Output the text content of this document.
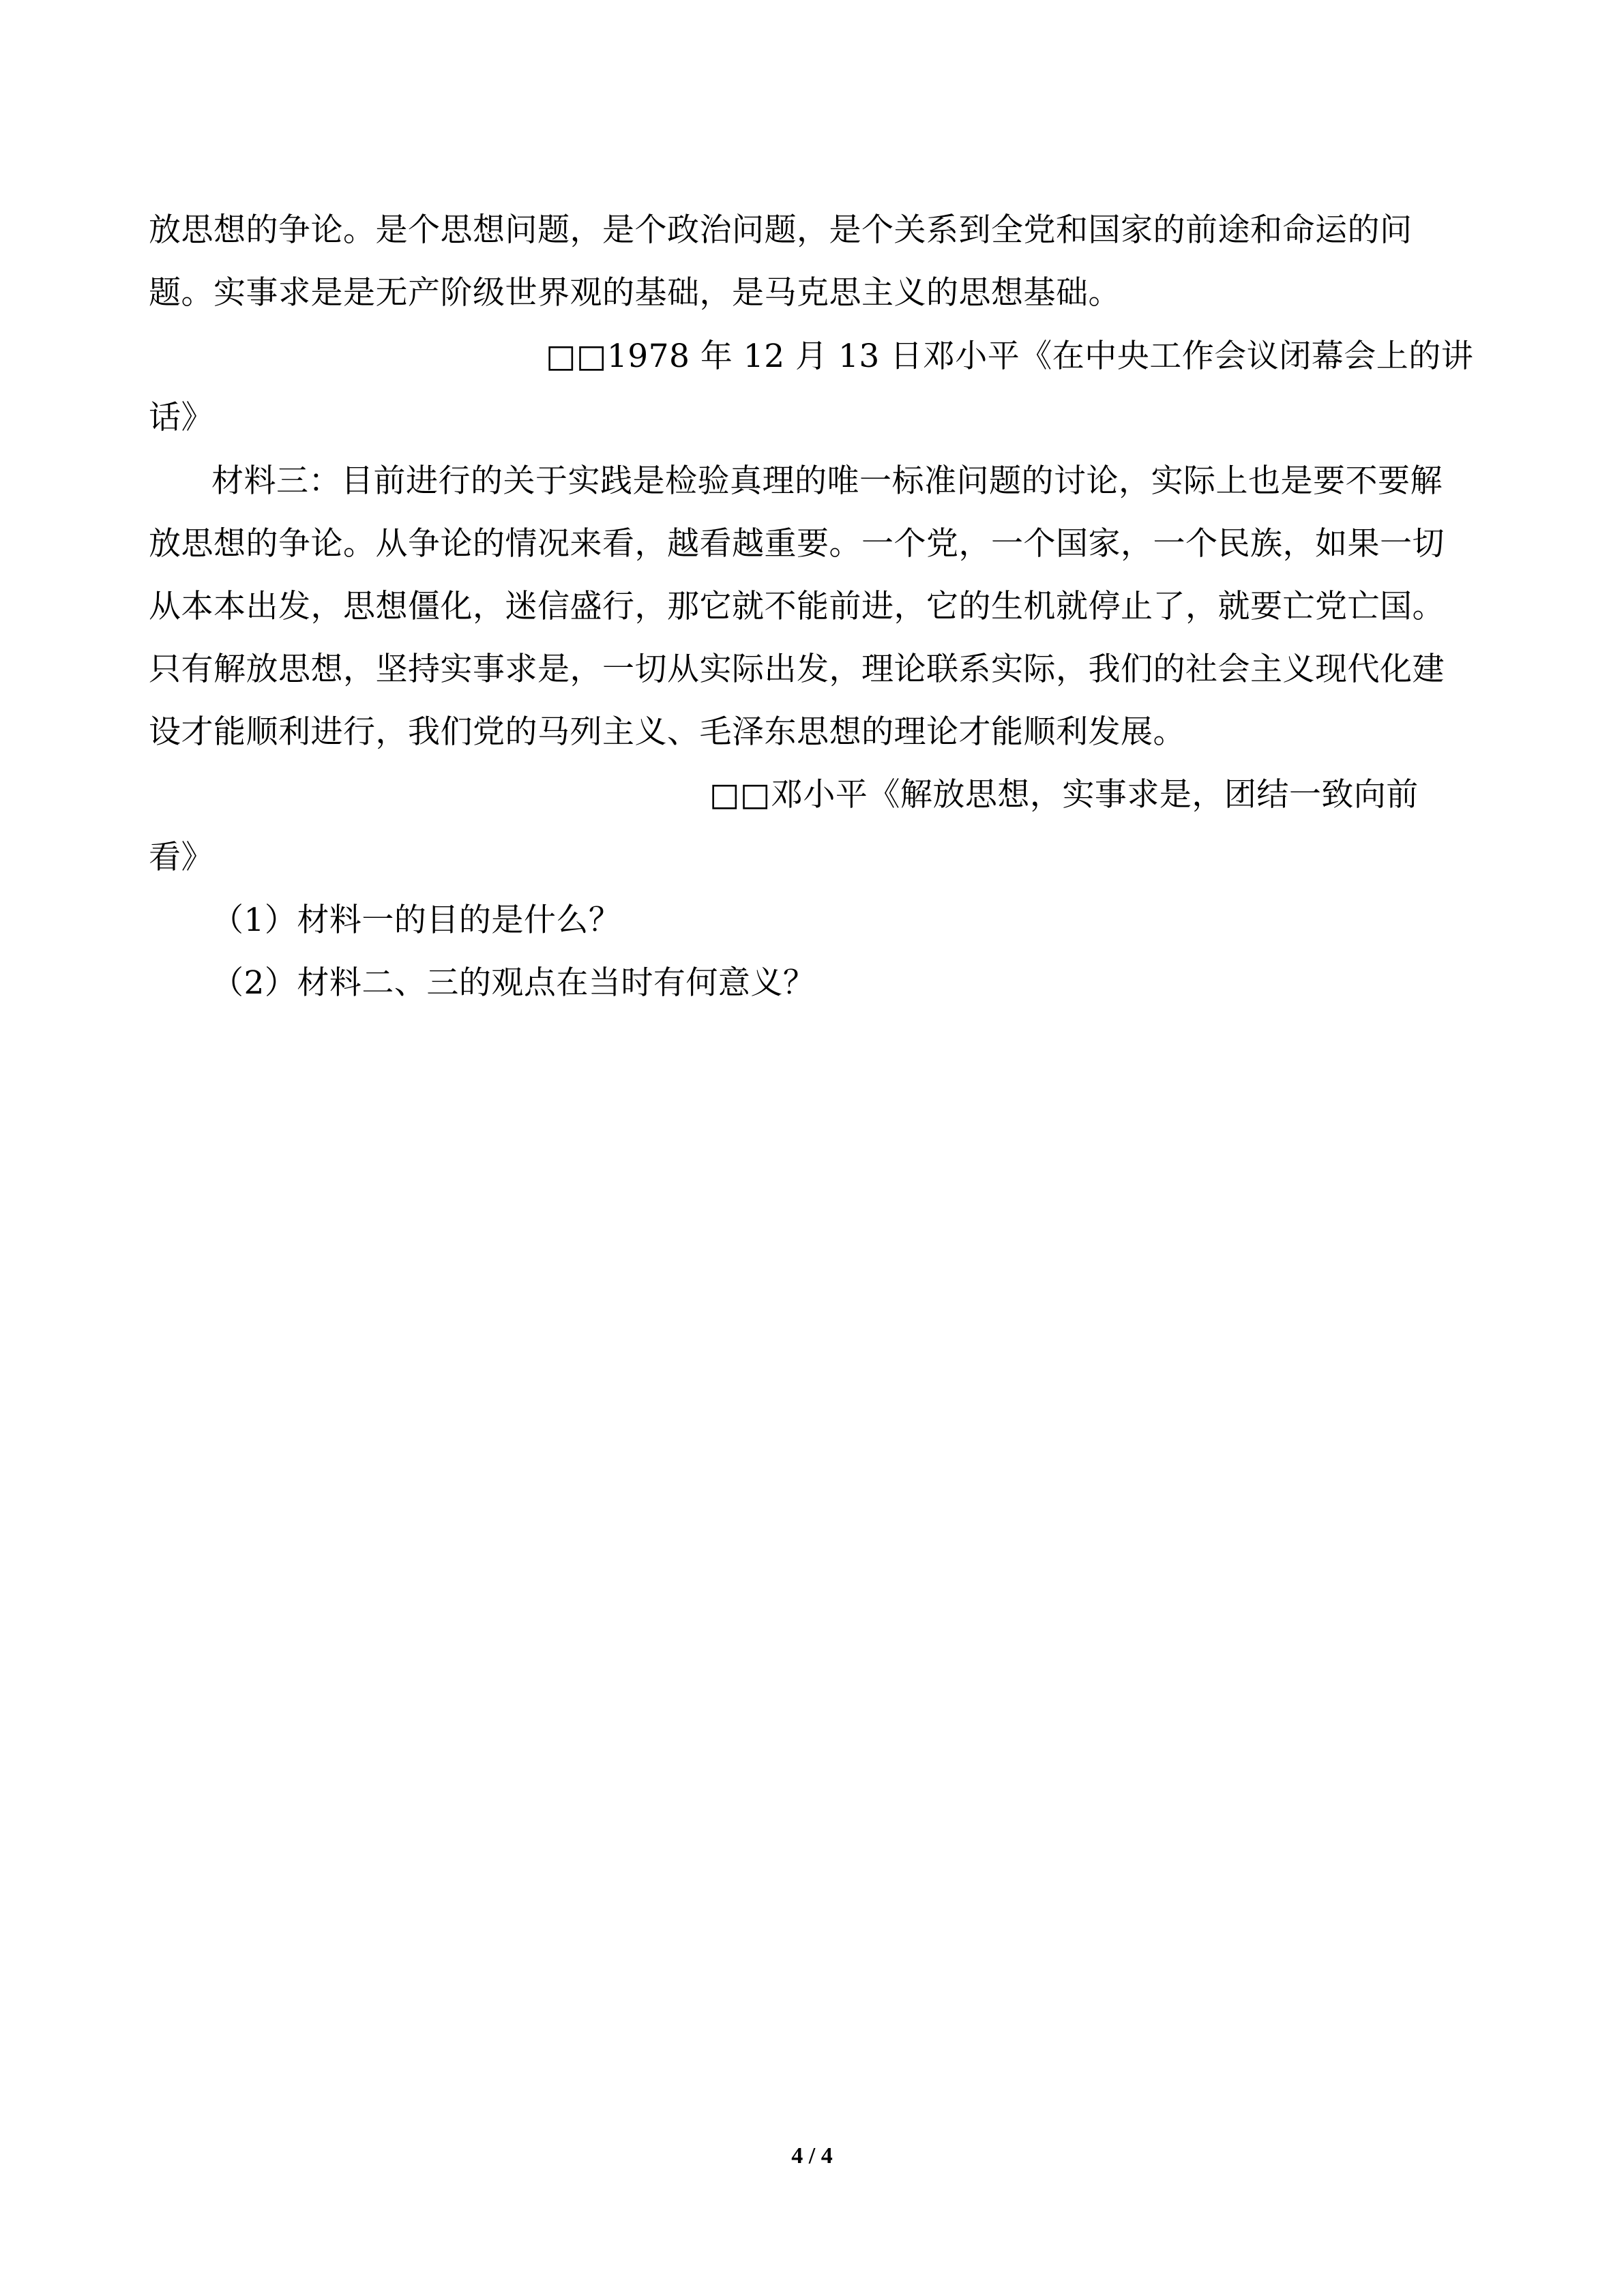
放思想的争论。是个思想问题，是个政治问题，是个关系到全党和国家的前途和命运的问
题。实事求是是无产阶级世界观的基础，是马克思主义的思想基础。
□□1978 年 12 月 13 日邓小平《在中央工作会议闭幕会上的讲
话》
材料三：目前进行的关于实践是检验真理的唯一标准问题的讨论，实际上也是要不要解
放思想的争论。从争论的情况来看，越看越重要。一个党，一个国家，一个民族，如果一切
从本本出发，思想僵化，迷信盛行，那它就不能前进，它的生机就停止了，就要亡党亡国。
只有解放思想，坚持实事求是，一切从实际出发，理论联系实际，我们的社会主义现代化建
设才能顺利进行，我们党的马列主义、毛泽东思想的理论才能顺利发展。
□□邓小平《解放思想，实事求是，团结一致向前
看》
（1）材料一的目的是什么？
（2）材料二、三的观点在当时有何意义？
4 / 4
